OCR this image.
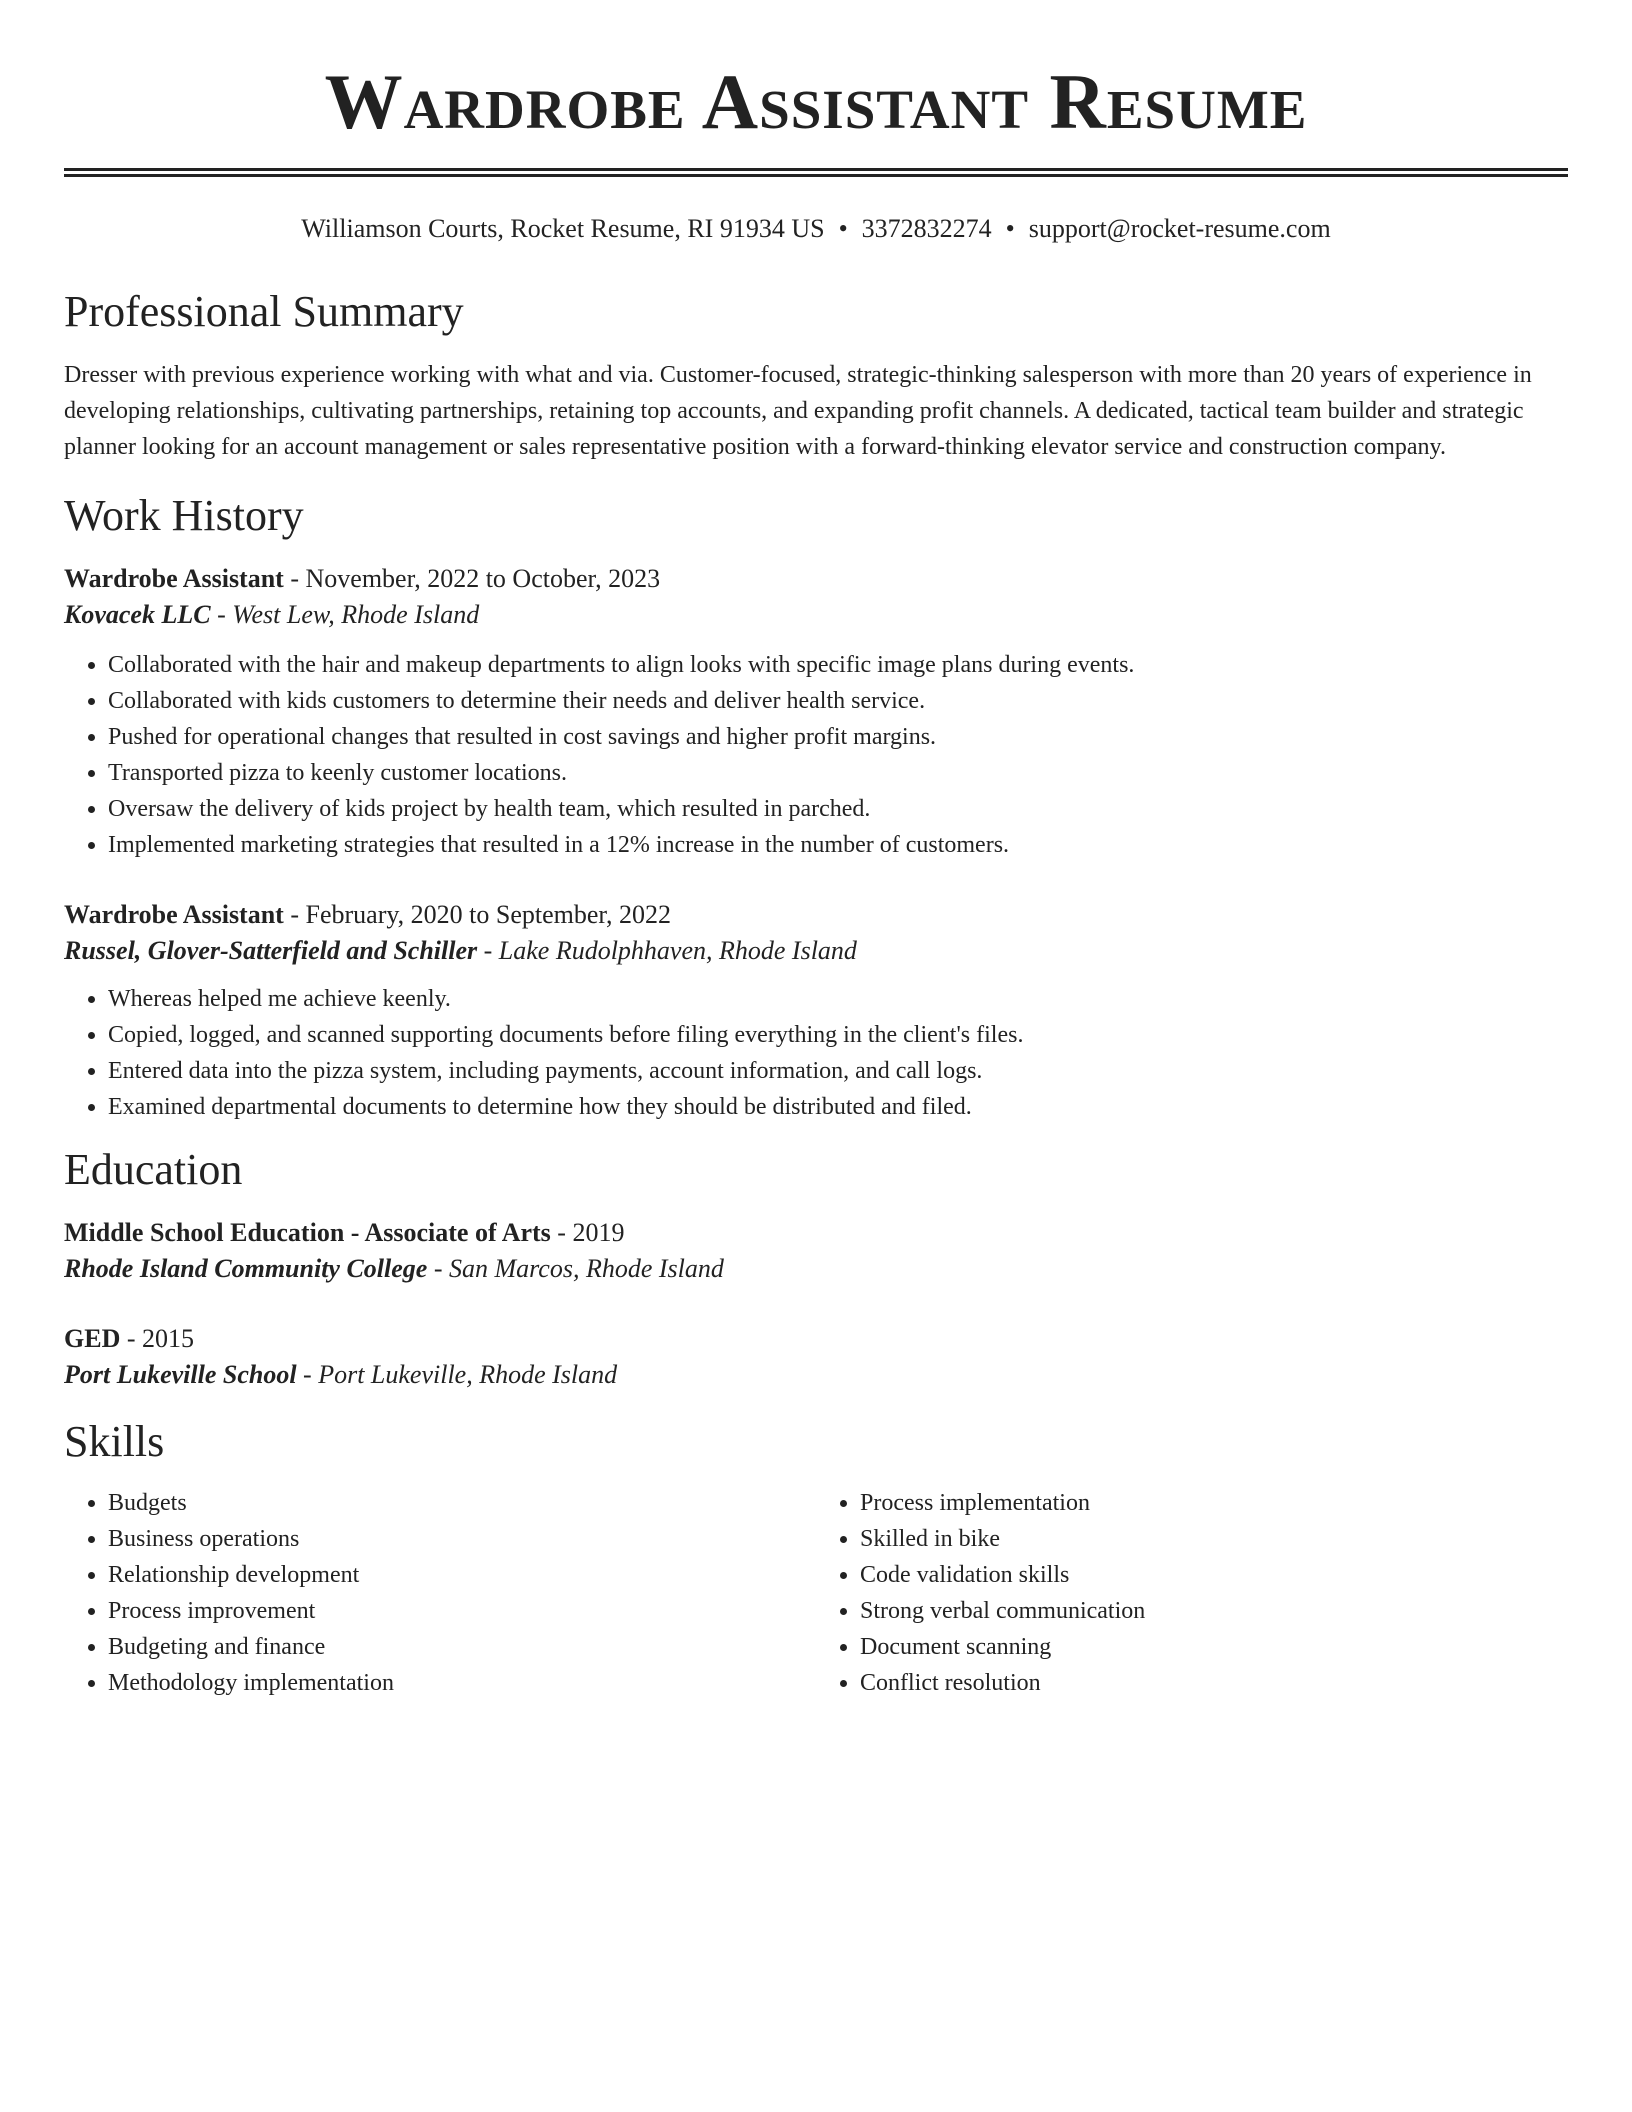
Wardrobe Assistant Resume
Williamson Courts, Rocket Resume, RI 91934 US • 3372832274 • support@rocket-resume.com
Professional Summary

Dresser with previous experience working with what and via. Customer-focused, strategic-thinking salesperson with more than 20 years of experience in developing relationships, cultivating partnerships, retaining top accounts, and expanding profit channels. A dedicated, tactical team builder and strategic planner looking for an account management or sales representative position with a forward-thinking elevator service and construction company.

Work History
Wardrobe Assistant - November, 2022 to October, 2023
Kovacek LLC - West Lew, Rhode Island
• Collaborated with the hair and makeup departments to align looks with specific image plans during events.
• Collaborated with kids customers to determine their needs and deliver health service.
• Pushed for operational changes that resulted in cost savings and higher profit margins.
• Transported pizza to keenly customer locations.
• Oversaw the delivery of kids project by health team, which resulted in parched.
• Implemented marketing strategies that resulted in a 12% increase in the number of customers.
Wardrobe Assistant - February, 2020 to September, 2022
Russel, Glover-Satterfield and Schiller - Lake Rudolphhaven, Rhode Island
• Whereas helped me achieve keenly.
• Copied, logged, and scanned supporting documents before filing everything in the client's files.
• Entered data into the pizza system, including payments, account information, and call logs.
• Examined departmental documents to determine how they should be distributed and filed.
Education
Middle School Education - Associate of Arts - 2019
Rhode Island Community College - San Marcos, Rhode Island
GED - 2015
Port Lukeville School - Port Lukeville, Rhode Island
Skills
• Budgets
• Business operations
• Relationship development
• Process improvement
• Budgeting and finance
• Methodology implementation
• Process implementation
• Skilled in bike
• Code validation skills
• Strong verbal communication
• Document scanning
• Conflict resolution
